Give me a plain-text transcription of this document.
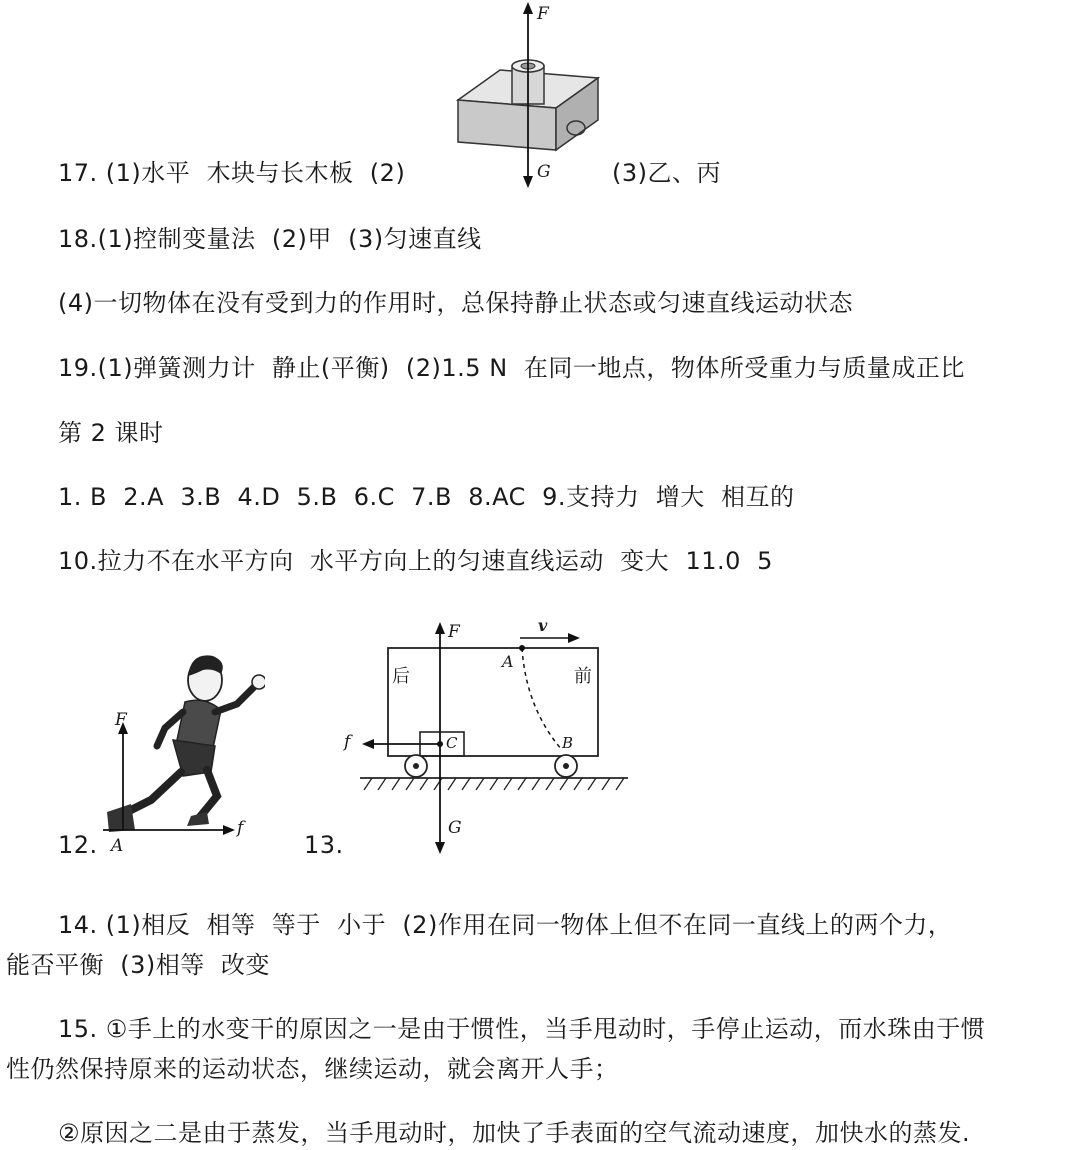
F
G
17. (1)水平  木块与长木板  (2)	(3)乙、丙
18.(1)控制变量法  (2)甲  (3)匀速直线
(4)一切物体在没有受到力的作用时，总保持静止状态或匀速直线运动状态
19.(1)弹簧测力计  静止(平衡)  (2)1.5 N  在同一地点，物体所受重力与质量成正比
第 2 课时
1. B  2.A  3.B  4.D  5.B  6.C  7.B  8.AC  9.支持力  增大  相互的
10.拉力不在水平方向  水平方向上的匀速直线运动  变大  11.0  5
F
f
A
12.
F	v
A
后	前
f	C	B
G
13.
14. (1)相反  相等  等于  小于  (2)作用在同一物体上但不在同一直线上的两个力，
能否平衡  (3)相等  改变
15. ①手上的水变干的原因之一是由于惯性，当手甩动时，手停止运动，而水珠由于惯
性仍然保持原来的运动状态，继续运动，就会离开人手；
②原因之二是由于蒸发，当手甩动时，加快了手表面的空气流动速度，加快水的蒸发.
